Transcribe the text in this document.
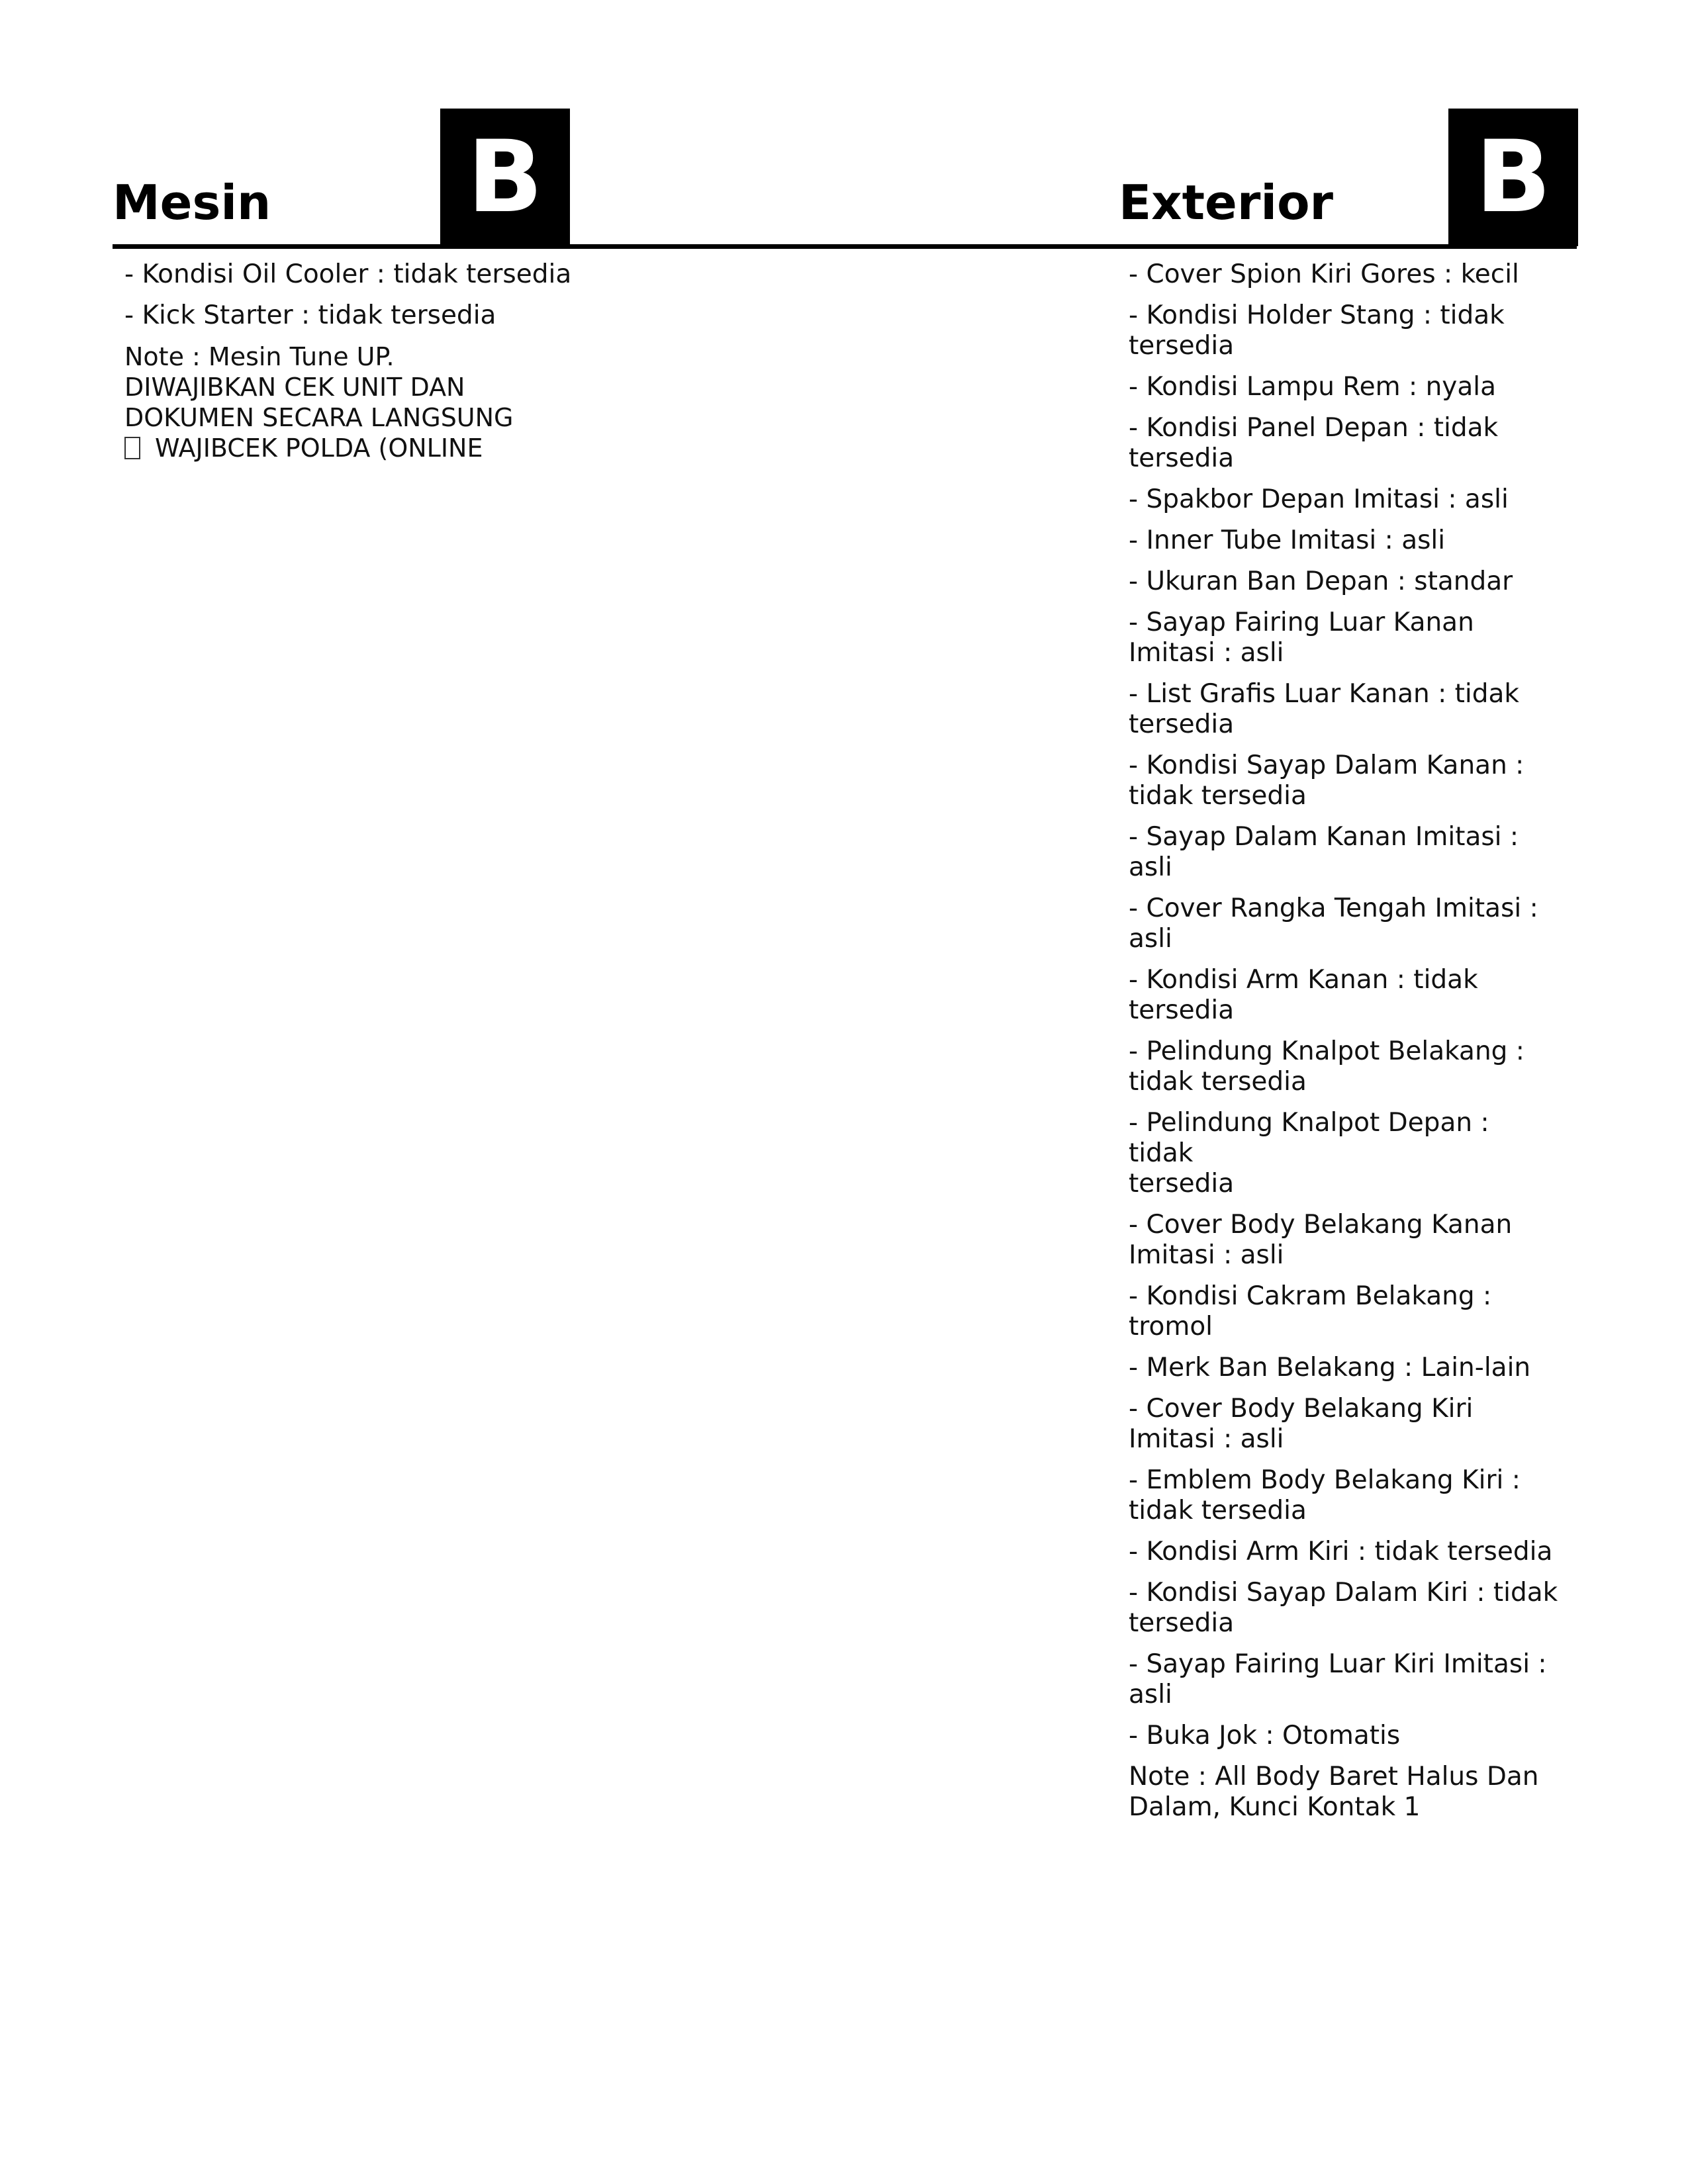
Mesin B	Exterior B
- Kondisi Oil Cooler : tidak tersedia
- Kick Starter : tidak tersedia
Note : Mesin Tune UP.
DIWAJIBKAN CEK UNIT DAN
DOKUMEN SECARA LANGSUNG
WAJIBCEK POLDA (ONLINE
- Cover Spion Kiri Gores : kecil
- Kondisi Holder Stang : tidak
tersedia
- Kondisi Lampu Rem : nyala
- Kondisi Panel Depan : tidak
tersedia
- Spakbor Depan Imitasi : asli
- Inner Tube Imitasi : asli
- Ukuran Ban Depan : standar
- Sayap Fairing Luar Kanan
Imitasi : asli
- List Grafis Luar Kanan : tidak
tersedia
- Kondisi Sayap Dalam Kanan :
tidak tersedia
- Sayap Dalam Kanan Imitasi : asli
- Cover Rangka Tengah Imitasi :
asli
- Kondisi Arm Kanan : tidak
tersedia
- Pelindung Knalpot Belakang :
tidak tersedia
- Pelindung Knalpot Depan : tidak
tersedia
- Cover Body Belakang Kanan
Imitasi : asli
- Kondisi Cakram Belakang :
tromol
- Merk Ban Belakang : Lain-lain
- Cover Body Belakang Kiri
Imitasi : asli
- Emblem Body Belakang Kiri :
tidak tersedia
- Kondisi Arm Kiri : tidak tersedia
- Kondisi Sayap Dalam Kiri : tidak
tersedia
- Sayap Fairing Luar Kiri Imitasi :
asli
- Buka Jok : Otomatis
Note : All Body Baret Halus Dan
Dalam, Kunci Kontak 1
